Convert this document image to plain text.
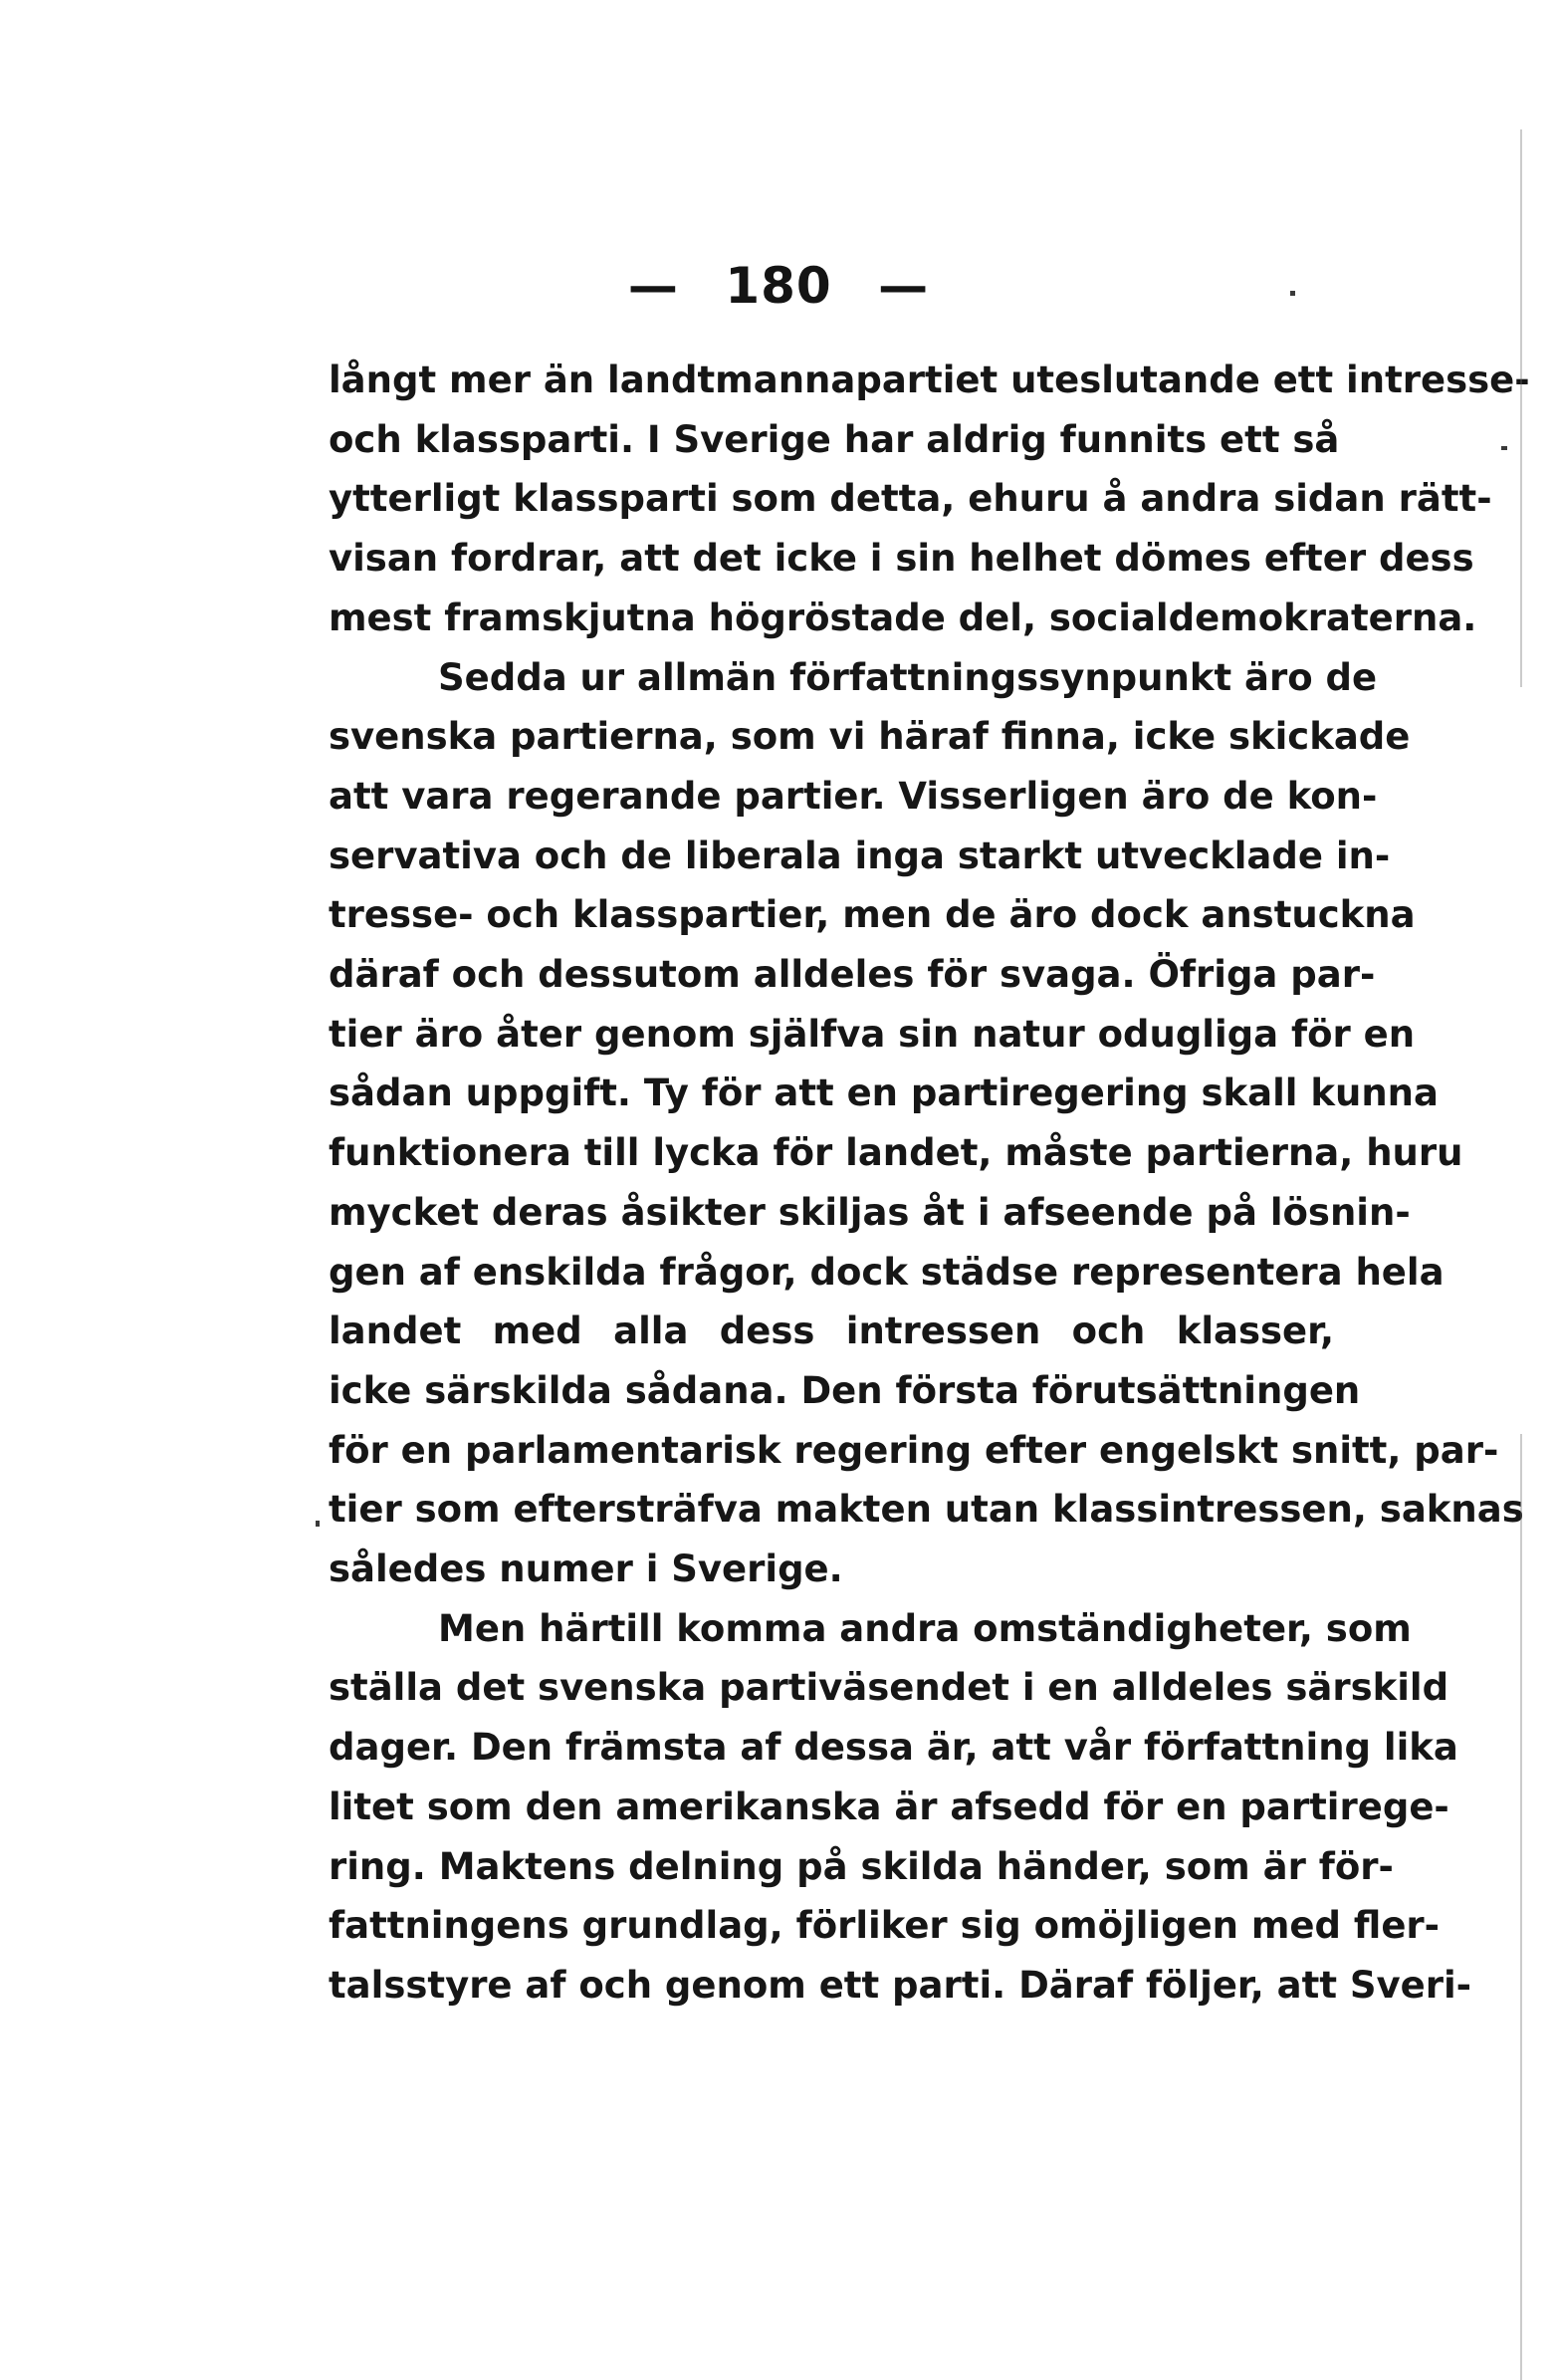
— 180 —
långt mer än landtmannapartiet uteslutande ett intresse-
och klassparti. I Sverige har aldrig funnits ett så
ytterligt klassparti som detta, ehuru å andra sidan rätt-
visan fordrar, att det icke i sin helhet dömes efter dess
mest framskjutna högröstade del, socialdemokraterna.
Sedda ur allmän författningssynpunkt äro de
svenska partierna, som vi häraf finna, icke skickade
att vara regerande partier. Visserligen äro de kon-
servativa och de liberala inga starkt utvecklade in-
tresse- och klasspartier, men de äro dock anstuckna
däraf och dessutom alldeles för svaga. Öfriga par-
tier äro åter genom själfva sin natur odugliga för en
sådan uppgift. Ty för att en partiregering skall kunna
funktionera till lycka för landet, måste partierna, huru
mycket deras åsikter skiljas åt i afseende på lösnin-
gen af enskilda frågor, dock städse representera hela
landet med alla dess intressen och klasser,
icke särskilda sådana. Den första förutsättningen
för en parlamentarisk regering efter engelskt snitt, par-
tier som eftersträfva makten utan klassintressen, saknas
således numer i Sverige.
Men härtill komma andra omständigheter, som
ställa det svenska partiväsendet i en alldeles särskild
dager. Den främsta af dessa är, att vår författning lika
litet som den amerikanska är afsedd för en partirege-
ring. Maktens delning på skilda händer, som är för-
fattningens grundlag, förliker sig omöjligen med fler-
talsstyre af och genom ett parti. Däraf följer, att Sveri-
